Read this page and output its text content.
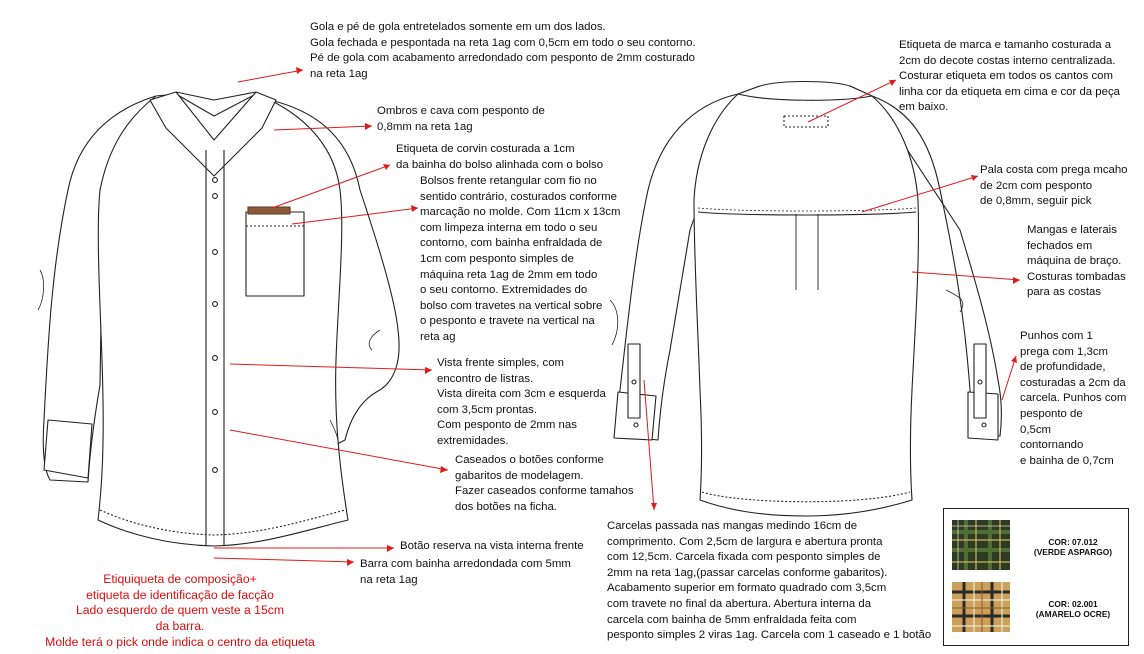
Gola e pé de gola entretelados somente em um dos lados.
Gola fechada e pespontada na reta 1ag com 0,5cm em todo o seu contorno.
Pé de gola com acabamento arredondado com pesponto de 2mm costurado
na reta 1ag

Ombros e cava com pesponto de
0,8mm na reta 1ag

Etiqueta de corvin costurada a 1cm
da bainha do bolso alinhada com o bolso

Bolsos frente retangular com fio no
sentido contrário, costurados conforme
marcação no molde. Com 11cm x 13cm
com limpeza interna em todo o seu
contorno, com bainha enfraldada de
1cm com pesponto simples de
máquina reta 1ag de 2mm em todo
o seu contorno. Extremidades do
bolso com travetes na vertical sobre
o pesponto e travete na vertical na
reta ag

Vista frente simples, com
encontro de listras.
Vista direita com 3cm e esquerda
com 3,5cm prontas.
Com pesponto de 2mm nas
extremidades.

Caseados o botões conforme
gabaritos de modelagem.
Fazer caseados conforme tamahos
dos botões na ficha.

Botão reserva na vista interna frente

Barra com bainha arredondada com 5mm
na reta 1ag

Etiquiqueta de composição+
etiqueta de identificação de facção
Lado esquerdo de quem veste a 15cm
da barra.
Molde terá o pick onde indica o centro da etiqueta

Etiqueta de marca e tamanho costurada a
2cm do decote costas interno centralizada.
Costurar etiqueta em todos os cantos com
linha cor da etiqueta em cima e cor da peça
em baixo.

Pala costa com prega mcaho
de 2cm com pesponto
de 0,8mm, seguir pick

Mangas e laterais
fechados em
máquina de braço.
Costuras tombadas
para as costas

Punhos com 1
prega com 1,3cm
de profundidade,
costuradas a 2cm da
carcela. Punhos com
pesponto de
0,5cm
contornando
e bainha de 0,7cm

Carcelas passada nas mangas medindo 16cm de
comprimento. Com 2,5cm de largura e abertura pronta
com 12,5cm. Carcela fixada com pesponto simples de
2mm na reta 1ag,(passar carcelas conforme gabaritos).
Acabamento superior em formato quadrado com 3,5cm
com travete no final da abertura. Abertura interna da
carcela com bainha de 5mm enfraldada feita com
pesponto simples 2 viras 1ag. Carcela com 1 caseado e 1 botão

COR: 07.012
(VERDE ASPARGO)
COR: 02.001
(AMARELO OCRE)
